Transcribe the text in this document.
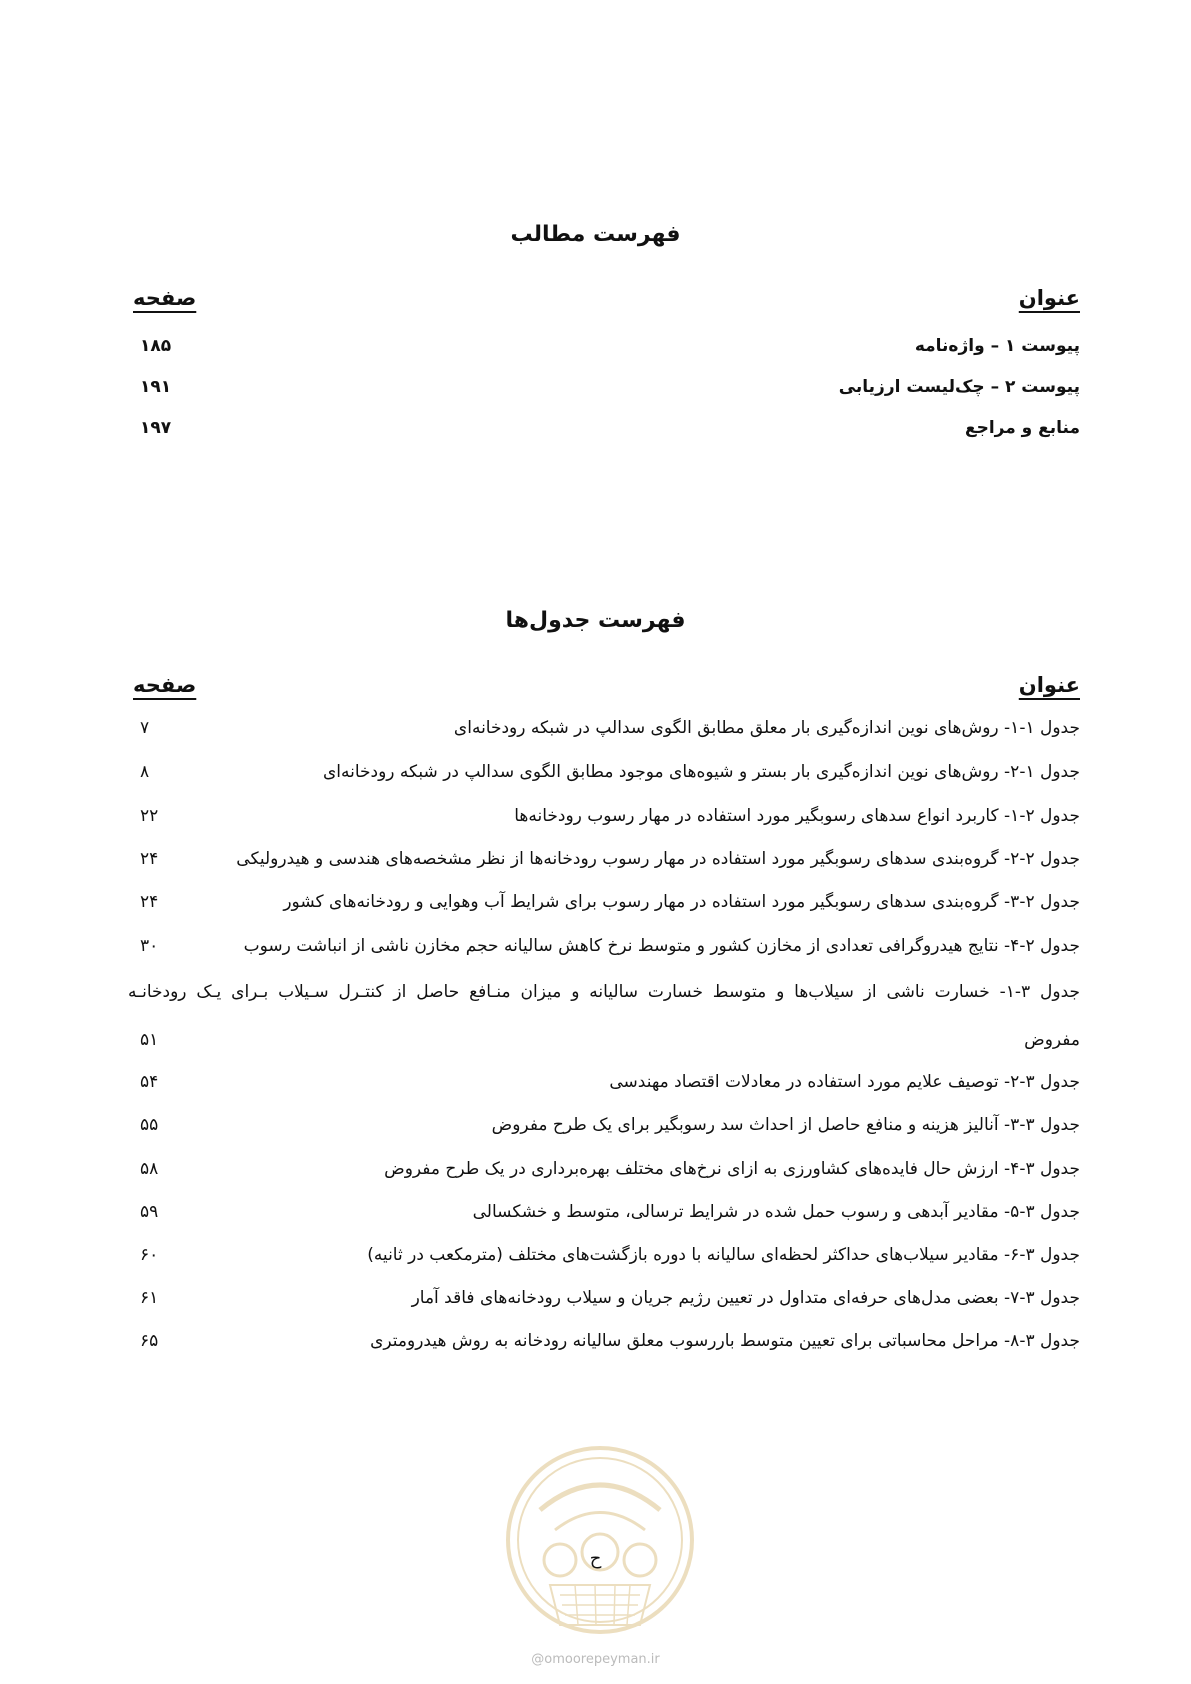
فهرست مطالب
عنوان
صفحه
پیوست ۱ – واژه‌نامه
۱۸۵
پیوست ۲ – چک‌لیست ارزیابی
۱۹۱
منابع و مراجع
۱۹۷
فهرست جدول‌ها
عنوان
صفحه
جدول ۱-۱- روش‌های نوین اندازه‌گیری بار معلق مطابق الگوی سدالپ در شبکه رودخانه‌ای
۷
جدول ۱-۲- روش‌های نوین اندازه‌گیری بار بستر و شیوه‌های موجود مطابق الگوی سدالپ در شبکه رودخانه‌ای
۸
جدول ۲-۱- کاربرد انواع سدهای رسوبگیر مورد استفاده در مهار رسوب رودخانه‌ها
۲۲
جدول ۲-۲- گروه‌بندی سدهای رسوبگیر مورد استفاده در مهار رسوب رودخانه‌ها از نظر مشخصه‌های هندسی و هیدرولیکی
۲۴
جدول ۲-۳- گروه‌بندی سدهای رسوبگیر مورد استفاده در مهار رسوب برای شرایط آب وهوایی و رودخانه‌های کشور
۲۴
جدول ۲-۴- نتایج هیدروگرافی تعدادی از مخازن کشور و متوسط نرخ کاهش سالیانه حجم مخازن ناشی از انباشت رسوب
۳۰
جدول ۳-۱- خسارت ناشی از سیلاب‌ها و متوسط خسارت سالیانه و میزان منـافع حاصل از کنتـرل سـیلاب بـرای یـک رودخانـه
مفروض
۵۱
جدول ۳-۲- توصیف علایم مورد استفاده در معادلات اقتصاد مهندسی
۵۴
جدول ۳-۳- آنالیز هزینه و منافع حاصل از احداث سد رسوبگیر برای یک طرح مفروض
۵۵
جدول ۳-۴- ارزش حال فایده‌های کشاورزی به ازای نرخ‌های مختلف بهره‌برداری در یک طرح مفروض
۵۸
جدول ۳-۵- مقادیر آبدهی و رسوب حمل شده در شرایط ترسالی، متوسط و خشکسالی
۵۹
جدول ۳-۶- مقادیر سیلاب‌های حداکثر لحظه‌ای سالیانه با دوره بازگشت‌های مختلف (مترمکعب در ثانیه)
۶۰
جدول ۳-۷- بعضی مدل‌های حرفه‌ای متداول در تعیین رژیم جریان و سیلاب رودخانه‌های فاقد آمار
۶۱
جدول ۳-۸- مراحل محاسباتی برای تعیین متوسط باررسوب معلق سالیانه رودخانه به روش هیدرومتری
۶۵
ح
@omoorepeyman.ir
